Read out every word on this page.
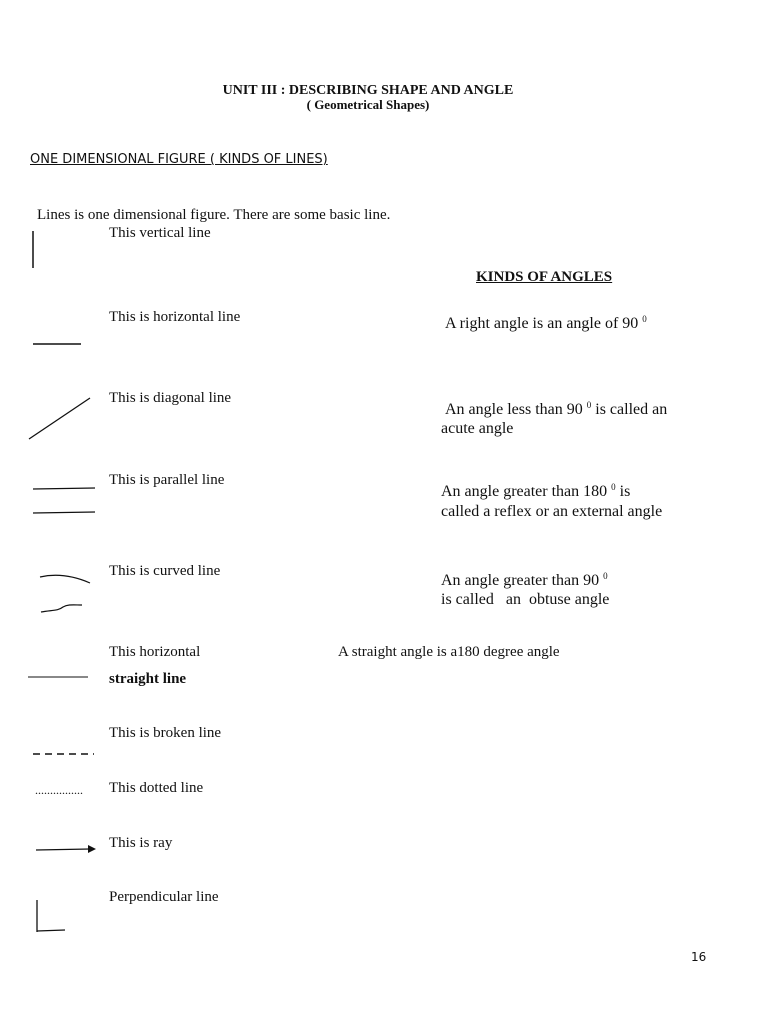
UNIT III : DESCRIBING SHAPE AND ANGLE
( Geometrical Shapes)
ONE DIMENSIONAL FIGURE ( KINDS OF LINES)
Lines is one dimensional figure. There are some basic line.
This vertical line
This is horizontal line
This is diagonal line
This is parallel line
This is curved line
This horizontal
straight line
This is broken line
................ This dotted line
This is ray
Perpendicular line
KINDS OF ANGLES
A right angle is an angle of 90 $^0$
An angle less than 90 $^0$ is called an acute angle
An angle greater than 180 $^0$ is called a reflex or an external angle
An angle greater than 90 $^0$ is called   an  obtuse angle
A straight angle is a180 degree angle
16
